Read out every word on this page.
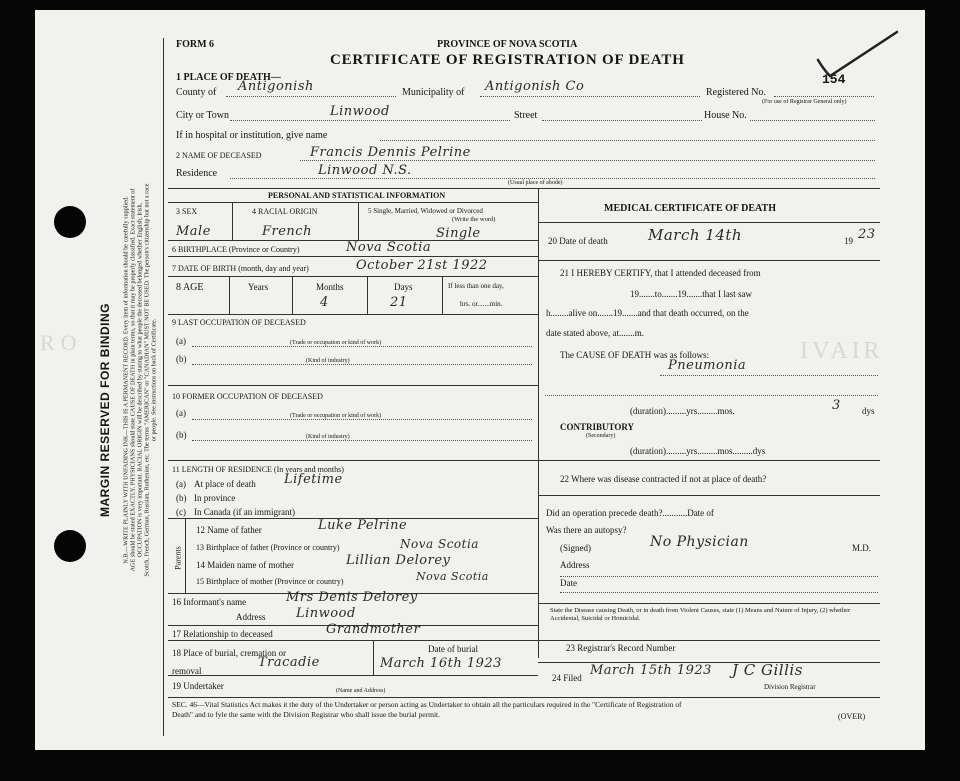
RO	IVAIR
MARGIN RESERVED FOR BINDING N.B.—WRITE PLAINLY WITH UNFADING INK—THIS IS A PERMANENT RECORD. Every item of information should be carefully supplied. AGE should be stated EXACTLY. PHYSICIANS should state CAUSE OF DEATH in plain terms, so that it may be properly classified. Exact statement of OCCUPATION is very important. RACIAL ORIGIN will be described by stating to what people the deceased belonged whether English, Irish, Scotch, French, German, Russian, Ruthenian, etc. The terms "AMERICAN" or "CANADIAN" MUST NOT BE USED. The person's citizenship but not a race or people. See instructions on back of Certificate.
FORM 6	PROVINCE OF NOVA SCOTIA
CERTIFICATE OF REGISTRATION OF DEATH
154
1 PLACE OF DEATH—
County of Antigonish	Municipality of Antigonish Co	Registered No.
(For use of Registrar General only)
City or Town	Linwood	Street	House No.
If in hospital or institution, give name
2 NAME OF DECEASED	Francis Dennis Pelrine
Residence	Linwood N.S.
(Usual place of abode)
PERSONAL AND STATISTICAL INFORMATION
3 SEX
Male
4 RACIAL ORIGIN
French
5 Single, Married, Widowed or Divorced
(Write the word)
Single
6 BIRTHPLACE (Province or Country)	Nova Scotia
7 DATE OF BIRTH (month, day and year)	October 21st 1922
8 AGE	Years	Months
4
Days
21
If less than one day,
hrs. or.......min.
9 LAST OCCUPATION OF DECEASED
(a)	(Trade or occupation or kind of work)
(b)	(Kind of industry)
10 FORMER OCCUPATION OF DECEASED
(a)	(Trade or occupation or kind of work)
(b)	(Kind of industry)
11 LENGTH OF RESIDENCE (In years and months)
(a) At place of death Lifetime
(b) In province
(c) In Canada (if an immigrant)
Parents
12 Name of father	Luke Pelrine
13 Birthplace of father (Province or country)	Nova Scotia
14 Maiden name of mother	Lillian Delorey
15 Birthplace of mother (Province or country)	Nova Scotia
16 Informant's name	Mrs Denis Delorey
Address Linwood
17 Relationship to deceased	Grandmother
18 Place of burial, cremation or removal
Tracadie
Date of burial
March 16th 1923
19 Undertaker	(Name and Address)
MEDICAL CERTIFICATE OF DEATH
20 Date of death	March 14th	19 23
21 I HEREBY CERTIFY, that I attended deceased from
19.......to.......19.......that I last saw
h........alive on.......19.......and that death occurred, on the
date stated above, at.......m.
The CAUSE OF DEATH was as follows:
Pneumonia
(duration).........yrs.........mos.	3 dys
CONTRIBUTORY
(Secondary)
(duration).........yrs.........mos.........dys
22 Where was disease contracted if not at place of death?
Did an operation precede death?...........Date of
Was there an autopsy?
(Signed)	No Physician	M.D.
Address
Date
State the Disease causing Death, or in death from Violent Causes, state (1) Means and Nature of Injury, (2) whether Accidental, Suicidal or Homicidal.
23 Registrar's Record Number
24 Filed March 15th 1923 J C Gillis
Division Registrar
SEC. 46—Vital Statistics Act makes it the duty of the Undertaker or person acting as Undertaker to obtain all the particulars required in the "Certificate of Registration of
Death" and to fyle the same with the Division Registrar who shall issue the burial permit.	(OVER)
